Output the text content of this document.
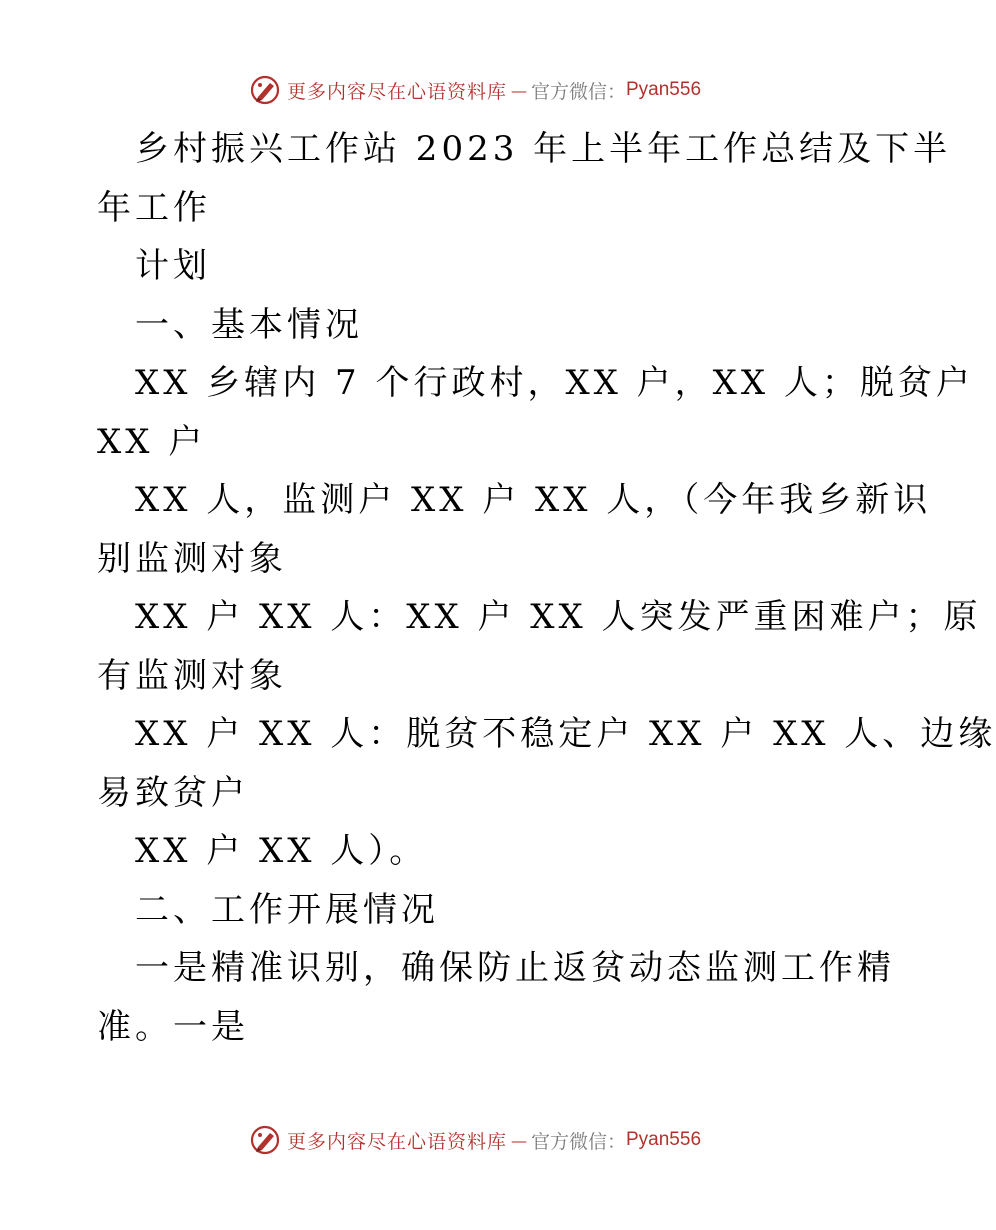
更多内容尽在心语资料库 — 官方微信： Pyan556
乡村振兴工作站 2023 年上半年工作总结及下半
年工作
计划
一、基本情况
XX 乡辖内 7 个行政村，XX 户，XX 人；脱贫户
XX 户
XX 人，监测户 XX 户 XX 人，（今年我乡新识
别监测对象
XX 户 XX 人：XX 户 XX 人突发严重困难户；原
有监测对象
XX 户 XX 人：脱贫不稳定户 XX 户 XX 人、边缘
易致贫户
XX 户 XX 人）。
二、工作开展情况
一是精准识别，确保防止返贫动态监测工作精
准。一是
更多内容尽在心语资料库 — 官方微信： Pyan556
